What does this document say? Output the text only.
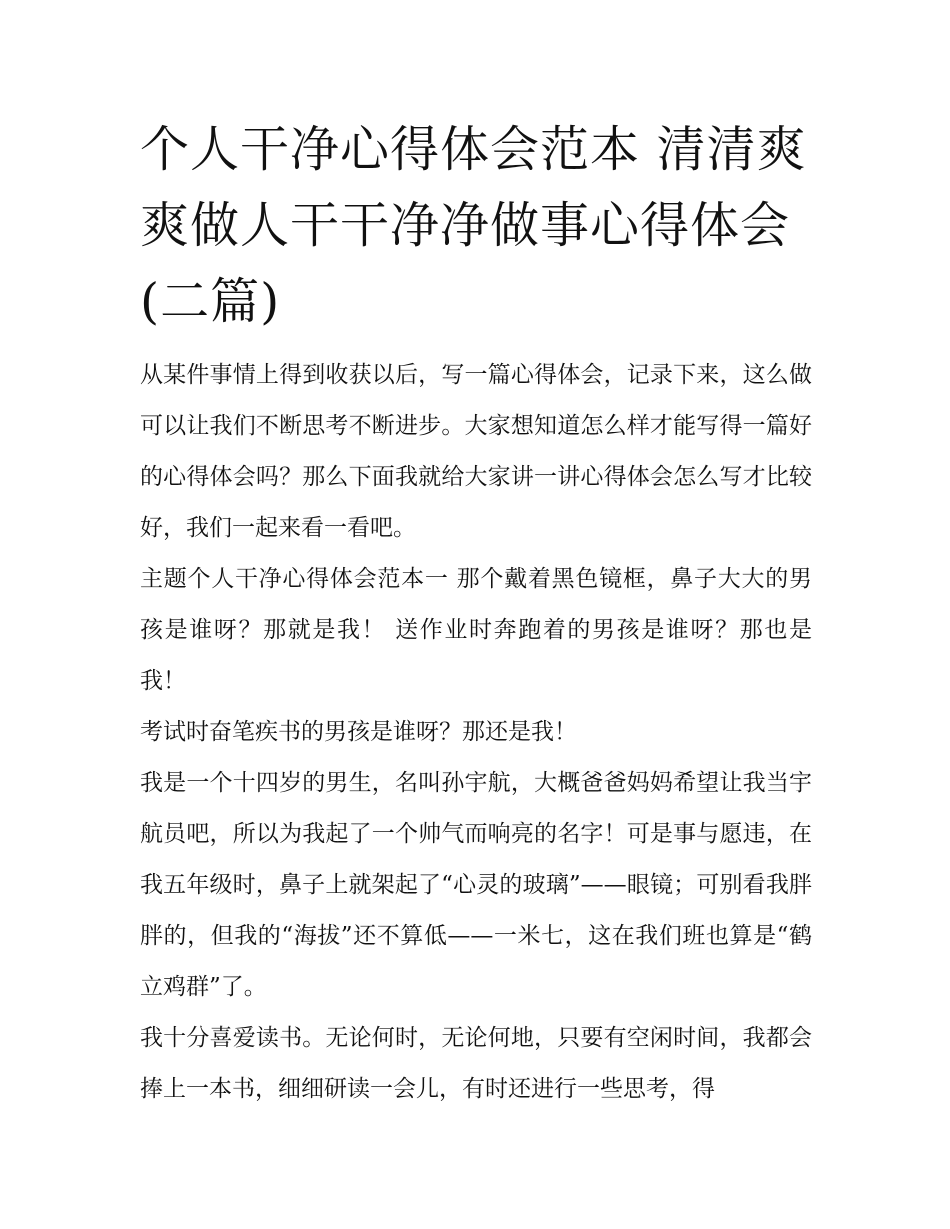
个人干净心得体会范本 清清爽爽做人干干净净做事心得体会(二篇)

从某件事情上得到收获以后，写一篇心得体会，记录下来，这么做可以让我们不断思考不断进步。大家想知道怎么样才能写得一篇好的心得体会吗？那么下面我就给大家讲一讲心得体会怎么写才比较好，我们一起来看一看吧。

主题个人干净心得体会范本一 那个戴着黑色镜框，鼻子大大的男孩是谁呀？那就是我！ 送作业时奔跑着的男孩是谁呀？那也是我！

考试时奋笔疾书的男孩是谁呀？那还是我！

我是一个十四岁的男生，名叫孙宇航，大概爸爸妈妈希望让我当宇航员吧，所以为我起了一个帅气而响亮的名字！可是事与愿违，在我五年级时，鼻子上就架起了“心灵的玻璃”——眼镜；可别看我胖胖的，但我的“海拔”还不算低——一米七，这在我们班也算是“鹤立鸡群”了。

我十分喜爱读书。无论何时，无论何地，只要有空闲时间，我都会捧上一本书，细细研读一会儿，有时还进行一些思考，得
